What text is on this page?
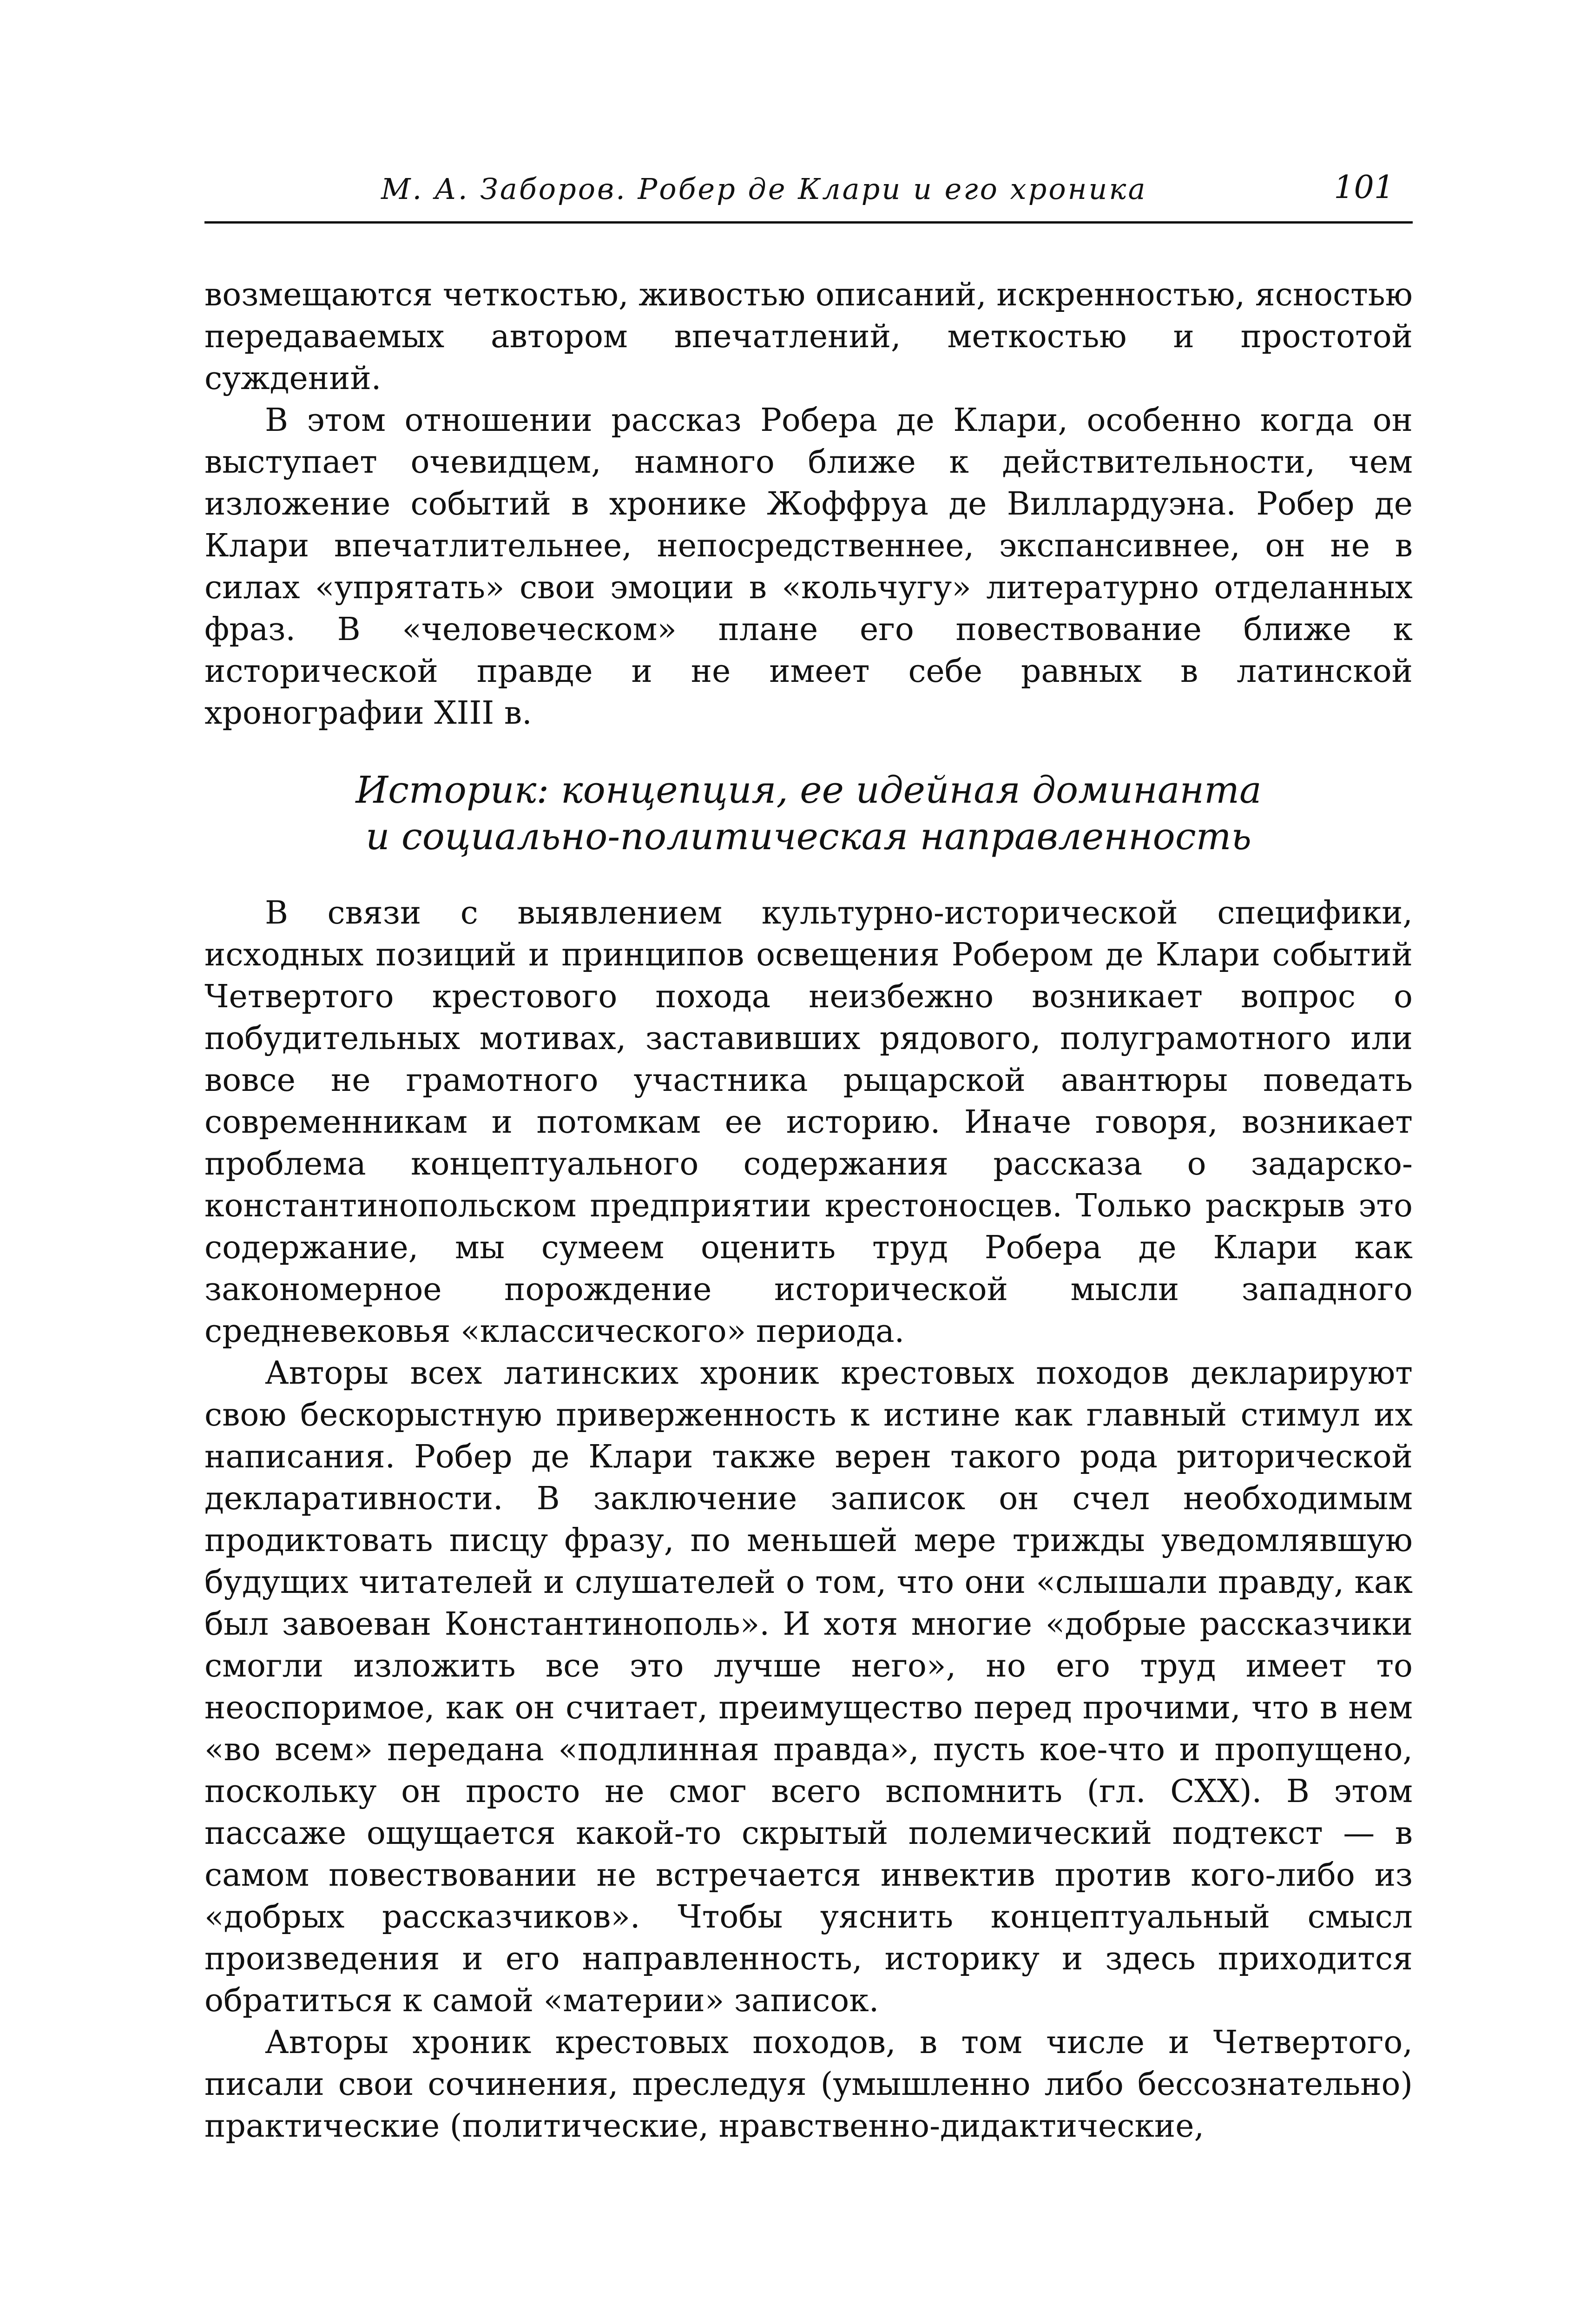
М. А. Заборов. Робер де Клари и его хроника	101

возмещаются четкостью, живостью описаний, искренностью, ясностью передаваемых автором впечатлений, меткостью и простотой суждений.

В этом отношении рассказ Робера де Клари, особенно когда он выступает очевидцем, намного ближе к действительности, чем изложение событий в хронике Жоффруа де Виллардуэна. Робер де Клари впечатлительнее, непосредственнее, экспансивнее, он не в силах «упрятать» свои эмоции в «кольчугу» литературно отделанных фраз. В «человеческом» плане его повествование ближе к исторической правде и не имеет себе равных в латинской хронографии XIII в.

Историк: концепция, ее идейная доминанта
и социально-политическая направленность

В связи с выявлением культурно-исторической специфики, исходных позиций и принципов освещения Робером де Клари событий Четвертого крестового похода неизбежно возникает вопрос о побудительных мотивах, заставивших рядового, полуграмотного или вовсе не грамотного участника рыцарской авантюры поведать современникам и потомкам ее историю. Иначе говоря, возникает проблема концептуального содержания рассказа о задарско-константинопольском предприятии крестоносцев. Только раскрыв это содержание, мы сумеем оценить труд Робера де Клари как закономерное порождение исторической мысли западного средневековья «классического» периода.

Авторы всех латинских хроник крестовых походов декларируют свою бескорыстную приверженность к истине как главный стимул их написания. Робер де Клари также верен такого рода риторической декларативности. В заключение записок он счел необходимым продиктовать писцу фразу, по меньшей мере трижды уведомлявшую будущих читателей и слушателей о том, что они «слышали правду, как был завоеван Константинополь». И хотя многие «добрые рассказчики смогли изложить все это лучше него», но его труд имеет то неоспоримое, как он считает, преимущество перед прочими, что в нем «во всем» передана «подлинная правда», пусть кое-что и пропущено, поскольку он просто не смог всего вспомнить (гл. CXX). В этом пассаже ощущается какой-то скрытый полемический подтекст — в самом повествовании не встречается инвектив против кого-либо из «добрых рассказчиков». Чтобы уяснить концептуальный смысл произведения и его направленность, историку и здесь приходится обратиться к самой «материи» записок.

Авторы хроник крестовых походов, в том числе и Четвертого, писали свои сочинения, преследуя (умышленно либо бессознательно) практические (политические, нравственно-дидактические,
